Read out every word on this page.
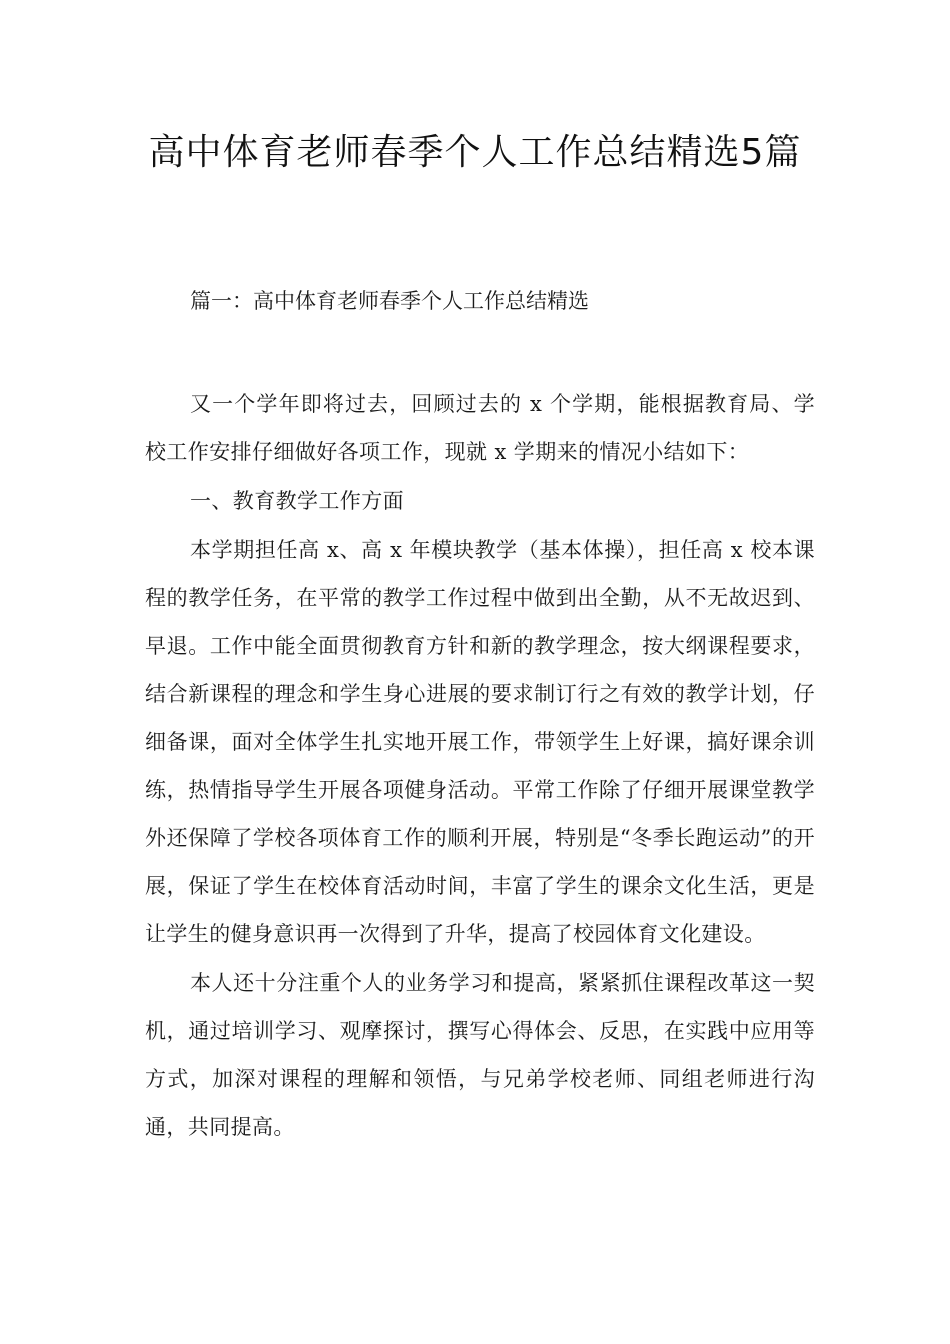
高中体育老师春季个人工作总结精选5篇
篇一：高中体育老师春季个人工作总结精选

又一个学年即将过去，回顾过去的 x 个学期，能根据教育局、学校工作安排仔细做好各项工作，现就 x 学期来的情况小结如下：

一、教育教学工作方面

本学期担任高 x、高 x 年模块教学（基本体操），担任高 x 校本课程的教学任务，在平常的教学工作过程中做到出全勤，从不无故迟到、早退。工作中能全面贯彻教育方针和新的教学理念，按大纲课程要求，结合新课程的理念和学生身心进展的要求制订行之有效的教学计划，仔细备课，面对全体学生扎实地开展工作，带领学生上好课，搞好课余训练，热情指导学生开展各项健身活动。平常工作除了仔细开展课堂教学外还保障了学校各项体育工作的顺利开展，特别是“冬季长跑运动”的开展，保证了学生在校体育活动时间，丰富了学生的课余文化生活，更是让学生的健身意识再一次得到了升华，提高了校园体育文化建设。

本人还十分注重个人的业务学习和提高，紧紧抓住课程改革这一契机，通过培训学习、观摩探讨，撰写心得体会、反思，在实践中应用等方式，加深对课程的理解和领悟，与兄弟学校老师、同组老师进行沟通，共同提高。
